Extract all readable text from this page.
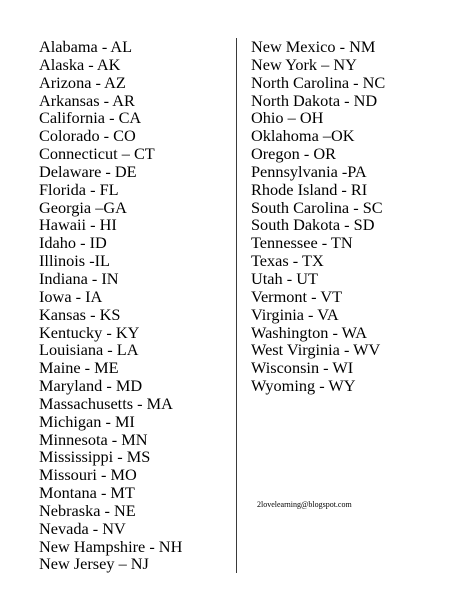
Alabama - AL
Alaska - AK
Arizona - AZ
Arkansas - AR
California - CA
Colorado - CO
Connecticut – CT
Delaware - DE
Florida - FL
Georgia –GA
Hawaii - HI
Idaho - ID
Illinois -IL
Indiana - IN
Iowa - IA
Kansas - KS
Kentucky - KY
Louisiana - LA
Maine - ME
Maryland - MD
Massachusetts - MA
Michigan - MI
Minnesota - MN
Mississippi - MS
Missouri - MO
Montana - MT
Nebraska - NE
Nevada - NV
New Hampshire - NH
New Jersey – NJ
New Mexico - NM
New York – NY
North Carolina - NC
North Dakota - ND
Ohio – OH
Oklahoma –OK
Oregon - OR
Pennsylvania -PA
Rhode Island - RI
South Carolina - SC
South Dakota - SD
Tennessee - TN
Texas - TX
Utah - UT
Vermont - VT
Virginia - VA
Washington - WA
West Virginia - WV
Wisconsin - WI
Wyoming - WY
2lovelearning@blogspot.com
